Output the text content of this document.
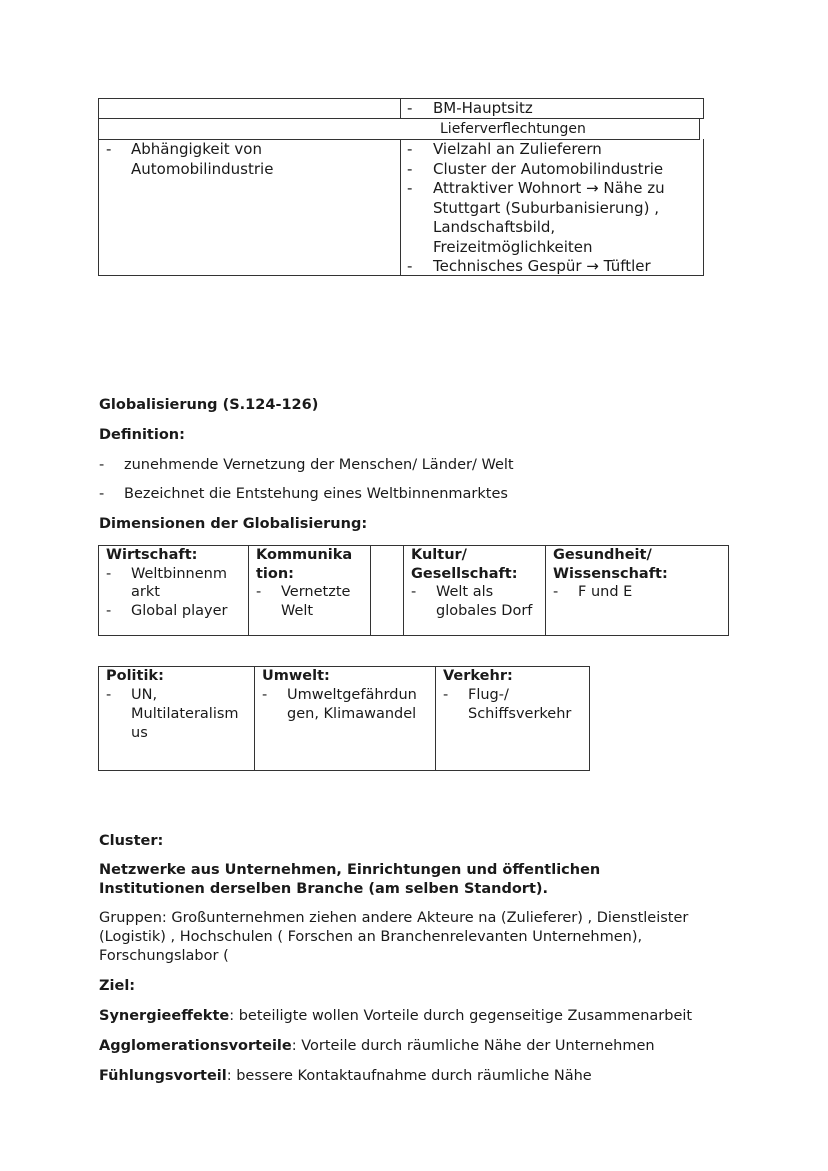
- BM-Hauptsitz
Lieferverflechtungen
- Abhängigkeit von
Automobilindustrie
- Vielzahl an Zulieferern
- Cluster der Automobilindustrie
- Attraktiver Wohnort → Nähe zu
Stuttgart (Suburbanisierung) ,
Landschaftsbild,
Freizeitmöglichkeiten
- Technisches Gespür → Tüftler
Globalisierung (S.124-126)
Definition:
- zunehmende Vernetzung der Menschen/ Länder/ Welt
- Bezeichnet die Entstehung eines Weltbinnenmarktes
Dimensionen der Globalisierung:
Wirtschaft:
- Weltbinnenm
arkt
- Global player
Kommunika
tion:
- Vernetzte
Welt
Kultur/
Gesellschaft:
- Welt als
globales Dorf
Gesundheit/
Wissenschaft:
- F und E
Politik:
- UN,
Multilateralism
us
Umwelt:
- Umweltgefährdun
gen, Klimawandel
Verkehr:
- Flug-/
Schiffsverkehr
Cluster:
Netzwerke aus Unternehmen, Einrichtungen und öffentlichen
Institutionen derselben Branche (am selben Standort).
Gruppen: Großunternehmen ziehen andere Akteure na (Zulieferer) , Dienstleister
(Logistik) , Hochschulen ( Forschen an Branchenrelevanten Unternehmen),
Forschungslabor (
Ziel:
Synergieeffekte: beteiligte wollen Vorteile durch gegenseitige Zusammenarbeit
Agglomerationsvorteile: Vorteile durch räumliche Nähe der Unternehmen
Fühlungsvorteil: bessere Kontaktaufnahme durch räumliche Nähe
